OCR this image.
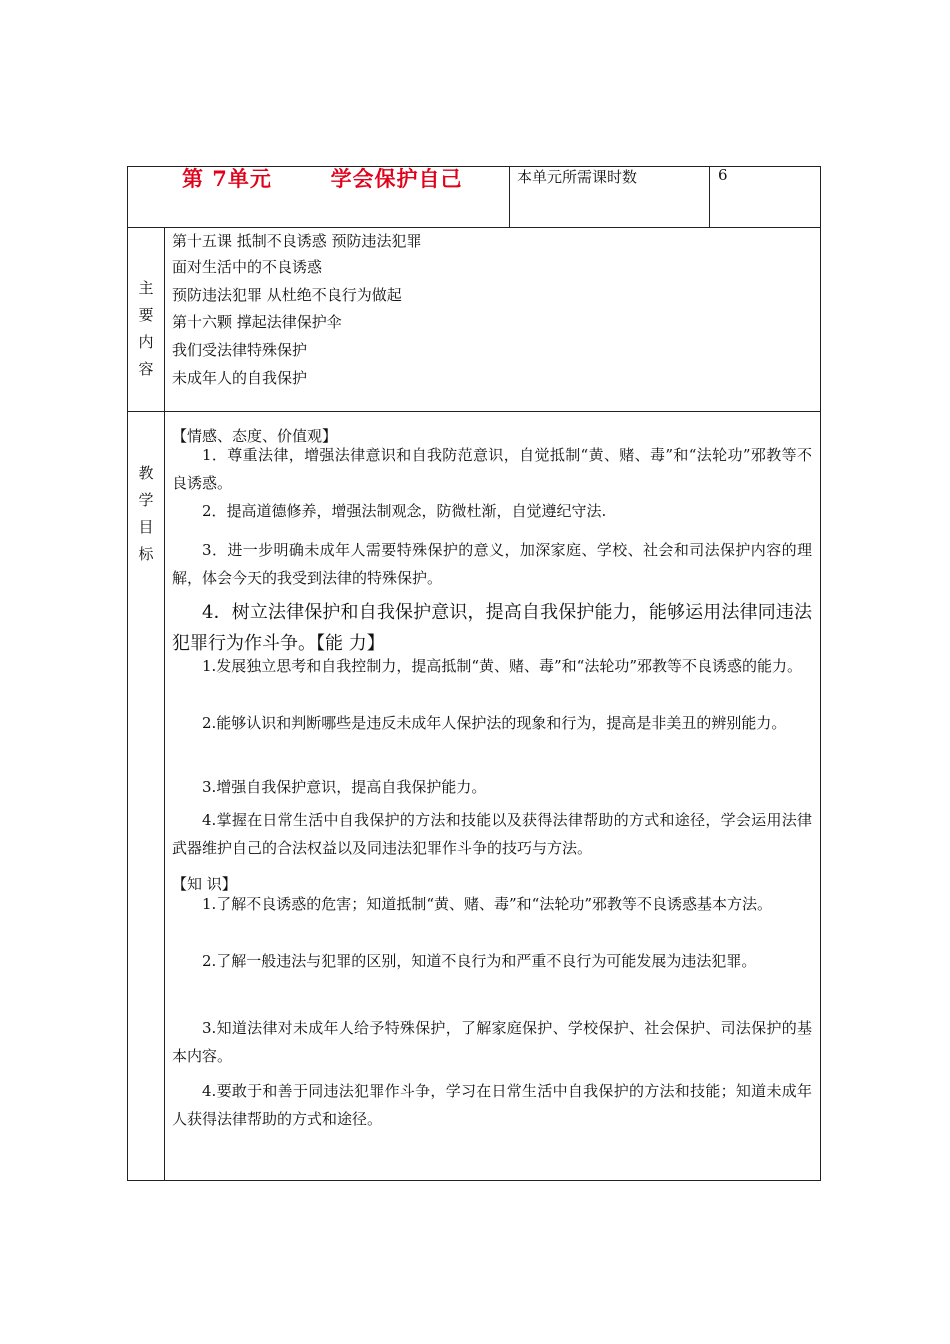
第 7单元	学会保护自己	本单元所需课时数	6
主
要
内
容
第十五课 抵制不良诱惑 预防违法犯罪
面对生活中的不良诱惑
预防违法犯罪 从杜绝不良行为做起
第十六颗 撑起法律保护伞
我们受法律特殊保护
未成年人的自我保护
教
学
目
标
【情感、态度、价值观】
1．尊重法律，增强法律意识和自我防范意识，自觉抵制“黄、赌、毒”和“法轮功”邪教等不良诱惑。
2．提高道德修养，增强法制观念，防微杜渐，自觉遵纪守法.
3．进一步明确未成年人需要特殊保护的意义，加深家庭、学校、社会和司法保护内容的理解，体会今天的我受到法律的特殊保护。
4．树立法律保护和自我保护意识，提高自我保护能力，能够运用法律同违法犯罪行为作斗争。【能 力】
1.发展独立思考和自我控制力，提高抵制“黄、赌、毒”和“法轮功”邪教等不良诱惑的能力。
2.能够认识和判断哪些是违反未成年人保护法的现象和行为，提高是非美丑的辨别能力。
3.增强自我保护意识，提高自我保护能力。
4.掌握在日常生活中自我保护的方法和技能以及获得法律帮助的方式和途径，学会运用法律武器维护自己的合法权益以及同违法犯罪作斗争的技巧与方法。
【知 识】
1.了解不良诱惑的危害；知道抵制“黄、赌、毒”和“法轮功”邪教等不良诱惑基本方法。
2.了解一般违法与犯罪的区别，知道不良行为和严重不良行为可能发展为违法犯罪。
3.知道法律对未成年人给予特殊保护，了解家庭保护、学校保护、社会保护、司法保护的基本内容。
4.要敢于和善于同违法犯罪作斗争，学习在日常生活中自我保护的方法和技能；知道未成年人获得法律帮助的方式和途径。
